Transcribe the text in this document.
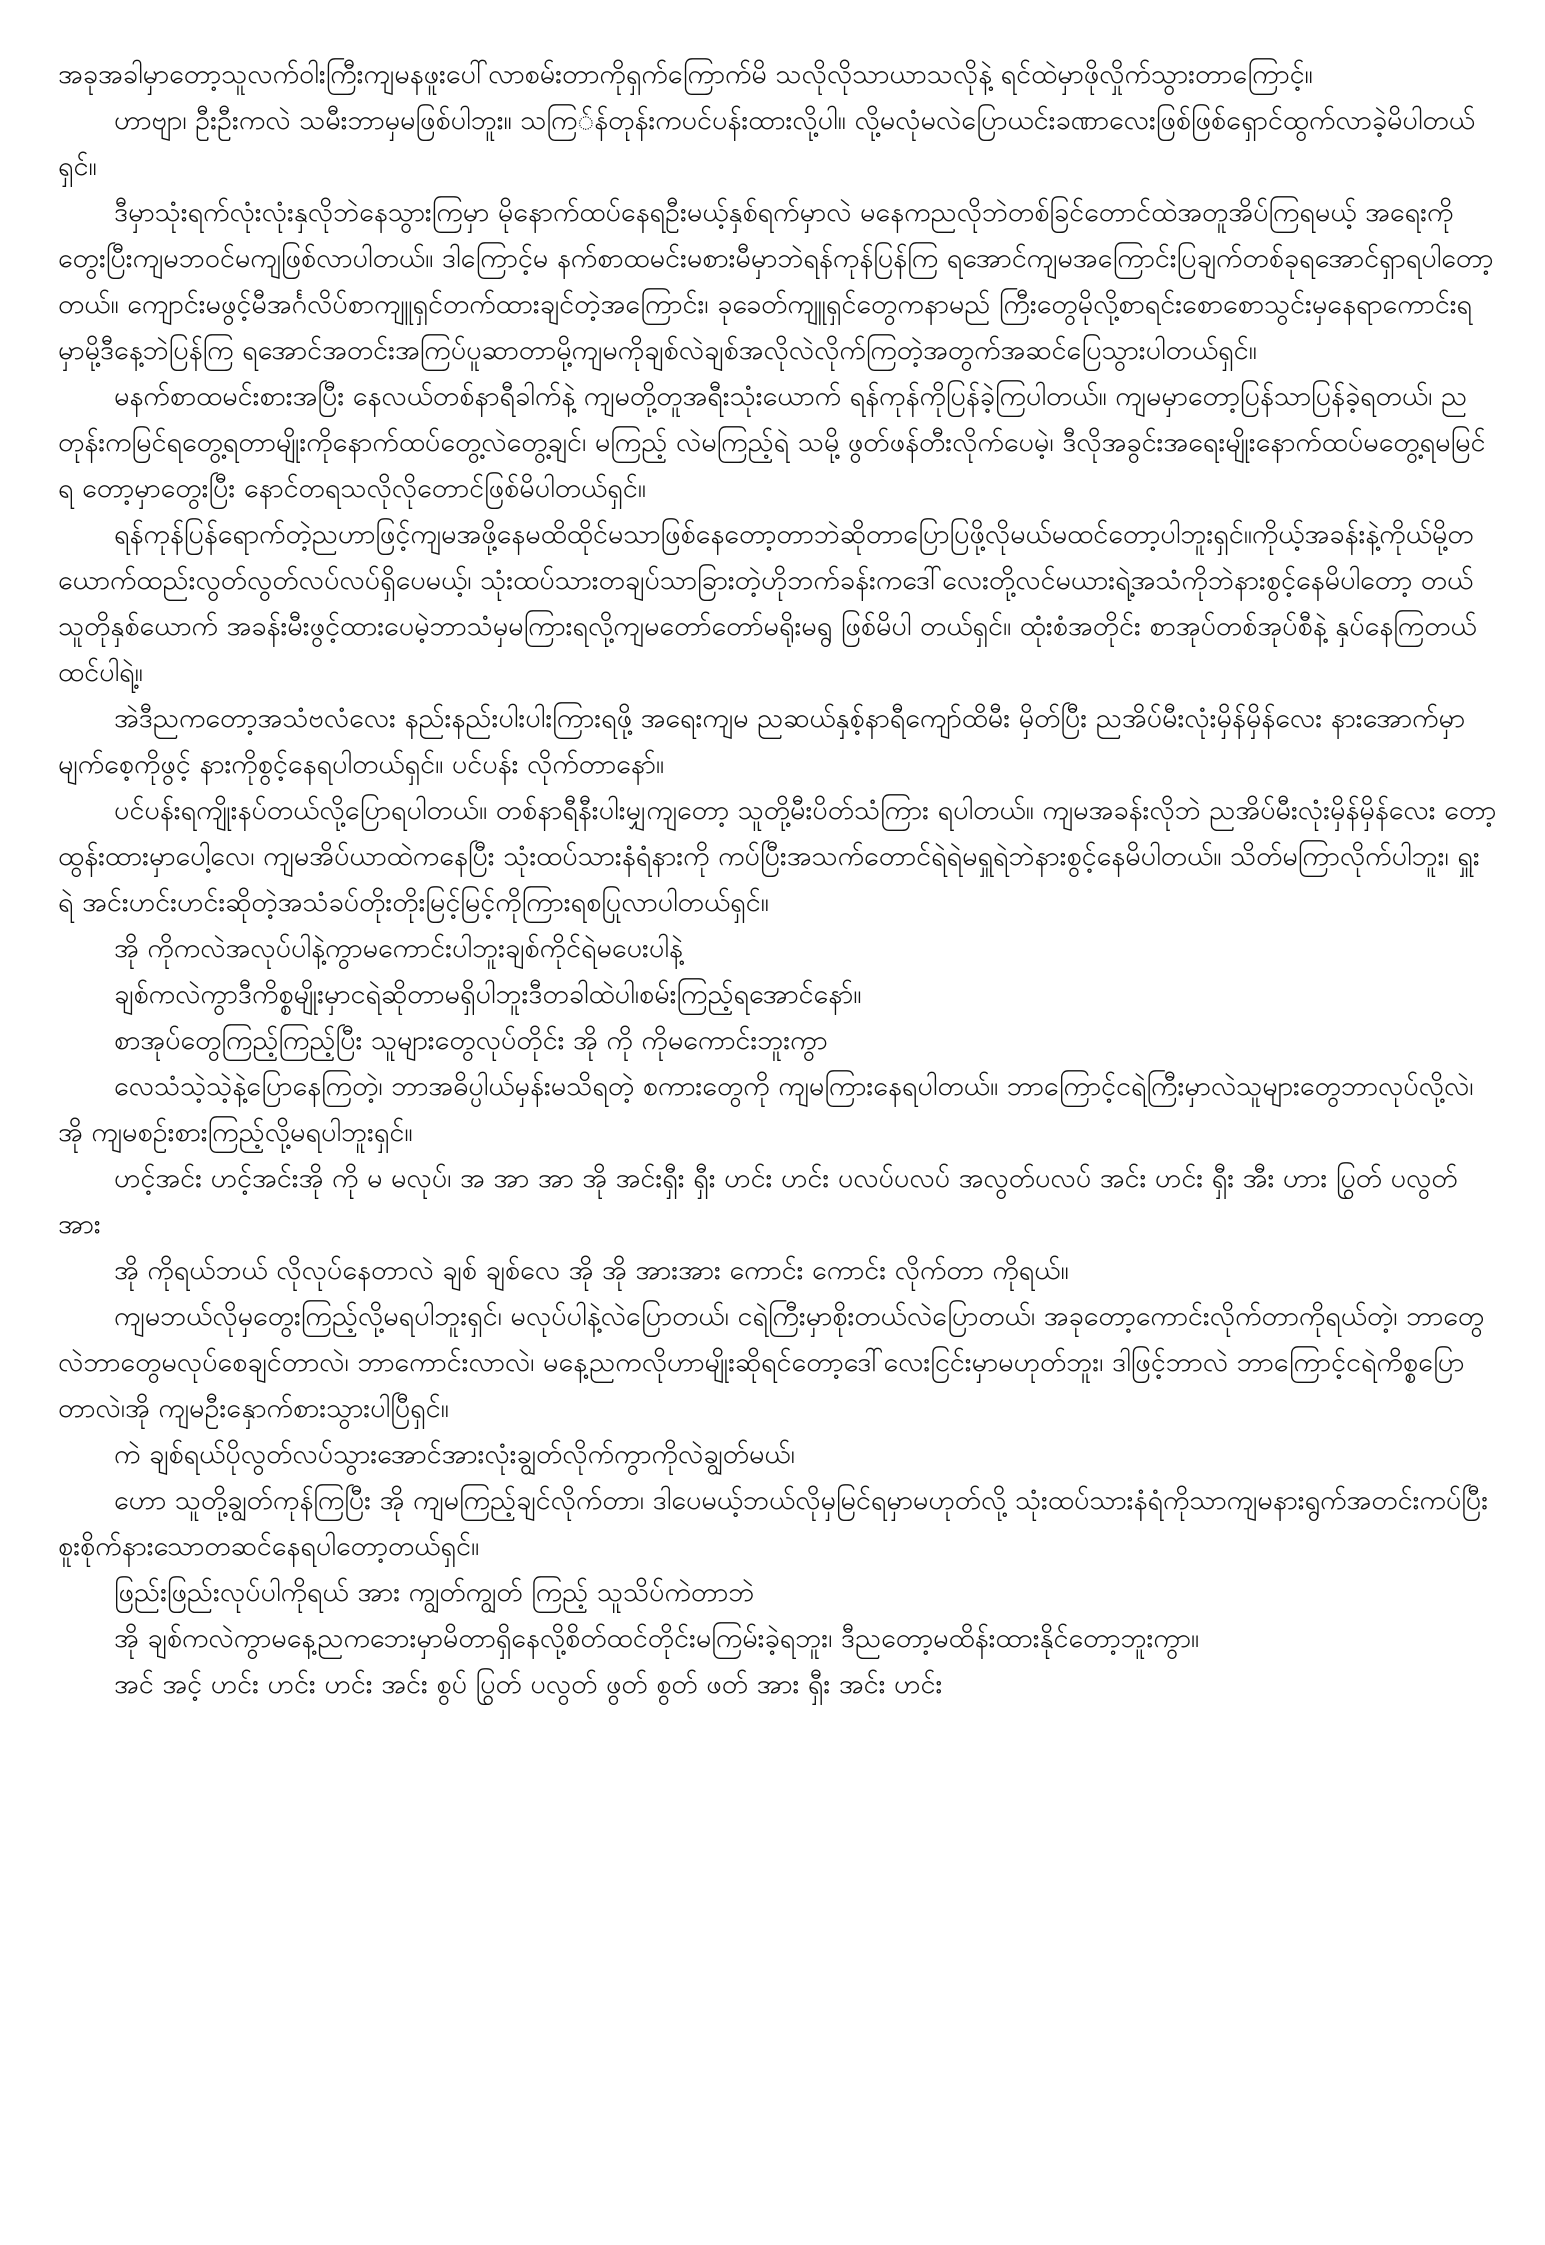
အခုအခါမှာတော့သူလက်ဝါးကြီးကျမနဖူးပေါ်လာစမ်းတာကိုရှက်ကြောက်မိ သလိုလိုသာယာသလိုနဲ့ ရင်ထဲမှာဖိုလှိုက်သွားတာကြောင့်။

ဟာဗျာ၊ ဦးဦးကလဲ သမီးဘာမှမဖြစ်ပါဘူး။ သကြ်န်တုန်းကပင်ပန်းထားလို့ပါ။ လို့မလုံမလဲပြောယင်းခဏာလေးဖြစ်ဖြစ်ရှောင်ထွက်လာခဲ့မိပါတယ်ရှင်။

ဒီမှာသုံးရက်လုံးလုံးနှလိုဘဲနေသွားကြမှာ မိုနောက်ထပ်နေရဦးမယ့်နှစ်ရက်မှာလဲ မနေကညလိုဘဲတစ်ခြင်တောင်ထဲအတူအိပ်ကြရမယ့် အရေးကိုတွေးပြီးကျမဘဝင်မကျဖြစ်လာပါတယ်။ ဒါကြောင့်မ နက်စာထမင်းမစားမီမှာဘဲရန်ကုန်ပြန်ကြ ရအောင်ကျမအကြောင်းပြချက်တစ်ခုရအောင်ရှာရပါတော့တယ်။ ကျောင်းမဖွင့်မီအင်္ဂလိပ်စာကျူရှင်တက်ထားချင်တဲ့အကြောင်း၊ ခုခေတ်ကျူရှင်တွေကနာမည် ကြီးတွေမိုလို့စာရင်းစောစောသွင်းမှနေရာကောင်းရမှာမို့ဒီနေ့ဘဲပြန်ကြ ရအောင်အတင်းအကြပ်ပူဆာတာမို့ကျမကိုချစ်လဲချစ်အလိုလဲလိုက်ကြတဲ့အတွက်အဆင်ပြေသွားပါတယ်ရှင်။

မနက်စာထမင်းစားအပြီး နေလယ်တစ်နာရီခါက်နဲ့ ကျမတို့တူအရီးသုံးယောက် ရန်ကုန်ကိုပြန်ခဲ့ကြပါတယ်။ ကျမမှာတော့ပြန်သာပြန်ခဲ့ရတယ်၊ ညတုန်းကမြင်ရတွေ့ရတာမျိုးကိုနောက်ထပ်တွေ့လဲတွေ့ချင်၊ မကြည့် လဲမကြည့်ရဲ သမို့ ဖွတ်ဖန်တီးလိုက်ပေမဲ့၊ ဒီလိုအခွင်းအရေးမျိုးနောက်ထပ်မတွေ့ရမမြင်ရ တော့မှာတွေးပြီး နောင်တရသလိုလိုတောင်ဖြစ်မိပါတယ်ရှင်။

ရန်ကုန်ပြန်ရောက်တဲ့ညဟာဖြင့်ကျမအဖို့နေမထိထိုင်မသာဖြစ်နေတော့တာဘဲဆိုတာပြောပြဖို့လိုမယ်မထင်တော့ပါဘူးရှင်။ကိုယ့်အခန်းနဲ့ကိုယ်မို့တယောက်ထည်းလွတ်လွတ်လပ်လပ်ရှိပေမယ့်၊ သုံးထပ်သားတချပ်သာခြားတဲ့ဟိုဘက်ခန်းကဒေါ်လေးတို့လင်မယားရဲ့အသံကိုဘဲနားစွင့်နေမိပါတော့ တယ် သူတိုနှစ်ယောက် အခန်းမီးဖွင့်ထားပေမဲ့ဘာသံမှမကြားရလို့ကျမတော်တော်မရိုးမရွ ဖြစ်မိပါ တယ်ရှင်။ ထုံးစံအတိုင်း စာအုပ်တစ်အုပ်စီနဲ့ နှပ်နေကြတယ်ထင်ပါရဲ့။

အဲဒီညကတော့အသံဗလံလေး နည်းနည်းပါးပါးကြားရဖို့ အရေးကျမ ညဆယ်နှစ့်နာရီကျော်ထိမီး မှိတ်ပြီး ညအိပ်မီးလုံးမှိန်မှိန်လေး နားအောက်မှာ မျက်စေ့ကိုဖွင့် နားကိုစွင့်နေရပါတယ်ရှင်။ ပင်ပန်း လိုက်တာနော်။

ပင်ပန်းရကျိုးနပ်တယ်လို့ပြောရပါတယ်။ တစ်နာရီနီးပါးမျှကျတော့ သူတို့မီးပိတ်သံကြား ရပါတယ်။ ကျမအခန်းလိုဘဲ ညအိပ်မီးလုံးမှိန်မှိန်လေး တော့ထွန်းထားမှာပေါ့လေ၊ ကျမအိပ်ယာထဲကနေပြီး သုံးထပ်သားနံရံနားကို ကပ်ပြီးအသက်တောင်ရဲရဲမရှူရဲဘဲနားစွင့်နေမိပါတယ်။ သိတ်မကြာလိုက်ပါဘူး၊ ရှူး ရဲ အင်းဟင်းဟင်းဆိုတဲ့အသံခပ်တိုးတိုးမြင့်မြင့်ကိုကြားရစပြုလာပါတယ်ရှင်။

အို ကိုကလဲအလုပ်ပါနဲ့ကွာမကောင်းပါဘူးချစ်ကိုင်ရဲမပေးပါနဲ့

ချစ်ကလဲကွာဒီကိစ္စမျိုးမှာငရဲဆိုတာမရှိပါဘူးဒီတခါထဲပါ၊စမ်းကြည့်ရအောင်နော်။

စာအုပ်တွေကြည့်ကြည့်ပြီး သူများတွေလုပ်တိုင်း အို ကို ကိုမကောင်းဘူးကွာ

လေသံသဲ့သဲ့နဲ့ပြောနေကြတဲ့၊ ဘာအဓိပ္ပါယ်မှန်းမသိရတဲ့ စကားတွေကို ကျမကြားနေရပါတယ်။ ဘာကြောင့်ငရဲကြီးမှာလဲသူများတွေဘာလုပ်လို့လဲ၊ အို ကျမစဉ်းစားကြည့်လို့မရပါဘူးရှင်။

ဟင့်အင်း ဟင့်အင်းအို ကို မ မလုပ်၊ အ အာ အာ အို အင်းရှီး ရှီး ဟင်း ဟင်း ပလပ်ပလပ် အလွတ်ပလပ် အင်း ဟင်း ရှီး အီး ဟား ပြွတ် ပလွတ် အား

အို ကိုရယ်ဘယ် လိုလုပ်နေတာလဲ ချစ် ချစ်လေ အို အို အားအား ကောင်း ကောင်း လိုက်တာ ကိုရယ်။

ကျမဘယ်လိုမှတွေးကြည့်လို့မရပါဘူးရှင်၊ မလုပ်ပါနဲ့လဲပြောတယ်၊ ငရဲကြီးမှာစိုးတယ်လဲပြောတယ်၊ အခုတော့ကောင်းလိုက်တာကိုရယ်တဲ့၊ ဘာတွေလဲဘာတွေမလုပ်စေချင်တာလဲ၊ ဘာကောင်းလာလဲ၊ မနေ့ညကလိုဟာမျိုးဆိုရင်တော့ဒေါ်လေးငြင်းမှာမဟုတ်ဘူး၊ ဒါဖြင့်ဘာလဲ ဘာကြောင့်ငရဲကိစ္စပြော တာလဲ၊အို ကျမဦးနှောက်စားသွားပါပြီရှင်။

ကဲ ချစ်ရယ်ပိုလွတ်လပ်သွားအောင်အားလုံးချွတ်လိုက်ကွာကိုလဲချွတ်မယ်၊

ဟော သူတို့ချွတ်ကုန်ကြပြီး အို ကျမကြည့်ချင်လိုက်တာ၊ ဒါပေမယ့်ဘယ်လိုမှမြင်ရမှာမဟုတ်လို့ သုံးထပ်သားနံရံကိုသာကျမနားရွက်အတင်းကပ်ပြီးစူးစိုက်နားသောတဆင်နေရပါတော့တယ်ရှင်။

ဖြည်းဖြည်းလုပ်ပါကိုရယ် အား ကျွတ်ကျွတ် ကြည့် သူသိပ်ကဲတာဘဲ

အို ချစ်ကလဲကွာမနေ့ညကဘေးမှာမိတာရှိနေလို့စိတ်ထင်တိုင်းမကြမ်းခဲ့ရဘူး၊ ဒီညတော့မထိန်းထားနိုင်တော့ဘူးကွာ။

အင် အင့် ဟင်း ဟင်း ဟင်း အင်း စွပ် ပြွတ် ပလွတ် ဖွတ် စွတ် ဖတ် အား ရှီး အင်း ဟင်း
